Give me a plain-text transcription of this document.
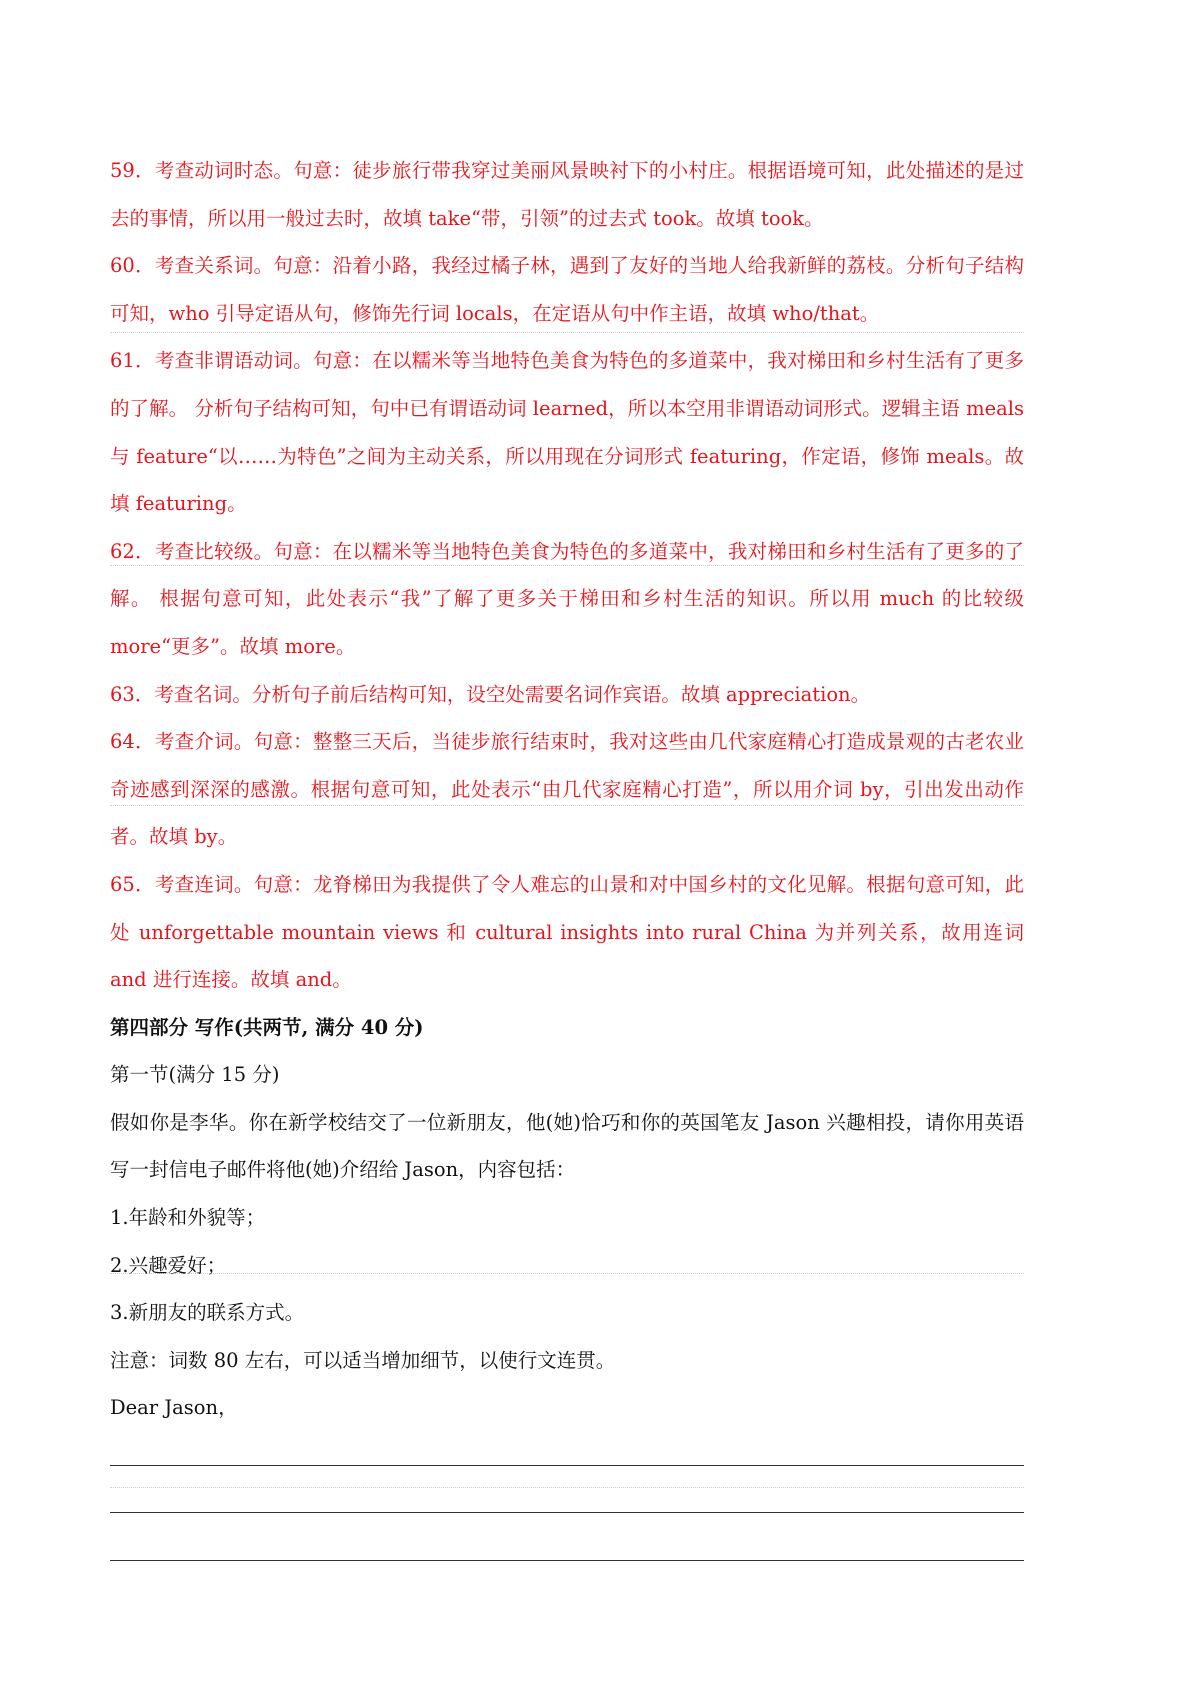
59．考查动词时态。句意：徒步旅行带我穿过美丽风景映衬下的小村庄。根据语境可知，此处描述的是过去的事情，所以用一般过去时，故填 take“带，引领”的过去式 took。故填 took。
60．考查关系词。句意：沿着小路，我经过橘子林，遇到了友好的当地人给我新鲜的荔枝。分析句子结构可知，who 引导定语从句，修饰先行词 locals，在定语从句中作主语，故填 who/that。
61．考查非谓语动词。句意：在以糯米等当地特色美食为特色的多道菜中，我对梯田和乡村生活有了更多的了解。 分析句子结构可知，句中已有谓语动词 learned，所以本空用非谓语动词形式。逻辑主语 meals 与 feature“以……为特色”之间为主动关系，所以用现在分词形式 featuring，作定语，修饰 meals。故填 featuring。
62．考查比较级。句意：在以糯米等当地特色美食为特色的多道菜中，我对梯田和乡村生活有了更多的了解。 根据句意可知，此处表示“我”了解了更多关于梯田和乡村生活的知识。所以用 much 的比较级 more“更多”。故填 more。
63．考查名词。分析句子前后结构可知，设空处需要名词作宾语。故填 appreciation。
64．考查介词。句意：整整三天后，当徒步旅行结束时，我对这些由几代家庭精心打造成景观的古老农业奇迹感到深深的感激。根据句意可知，此处表示“由几代家庭精心打造”，所以用介词 by，引出发出动作者。故填 by。
65．考查连词。句意：龙脊梯田为我提供了令人难忘的山景和对中国乡村的文化见解。根据句意可知，此处 unforgettable mountain views 和 cultural insights into rural China 为并列关系，故用连词 and 进行连接。故填 and。
第四部分 写作(共两节, 满分 40 分)
第一节(满分 15 分)
假如你是李华。你在新学校结交了一位新朋友，他(她)恰巧和你的英国笔友 Jason 兴趣相投，请你用英语写一封信电子邮件将他(她)介绍给 Jason，内容包括：
1.年龄和外貌等；
2.兴趣爱好；
3.新朋友的联系方式。
注意：词数 80 左右，可以适当增加细节，以使行文连贯。
Dear Jason，
